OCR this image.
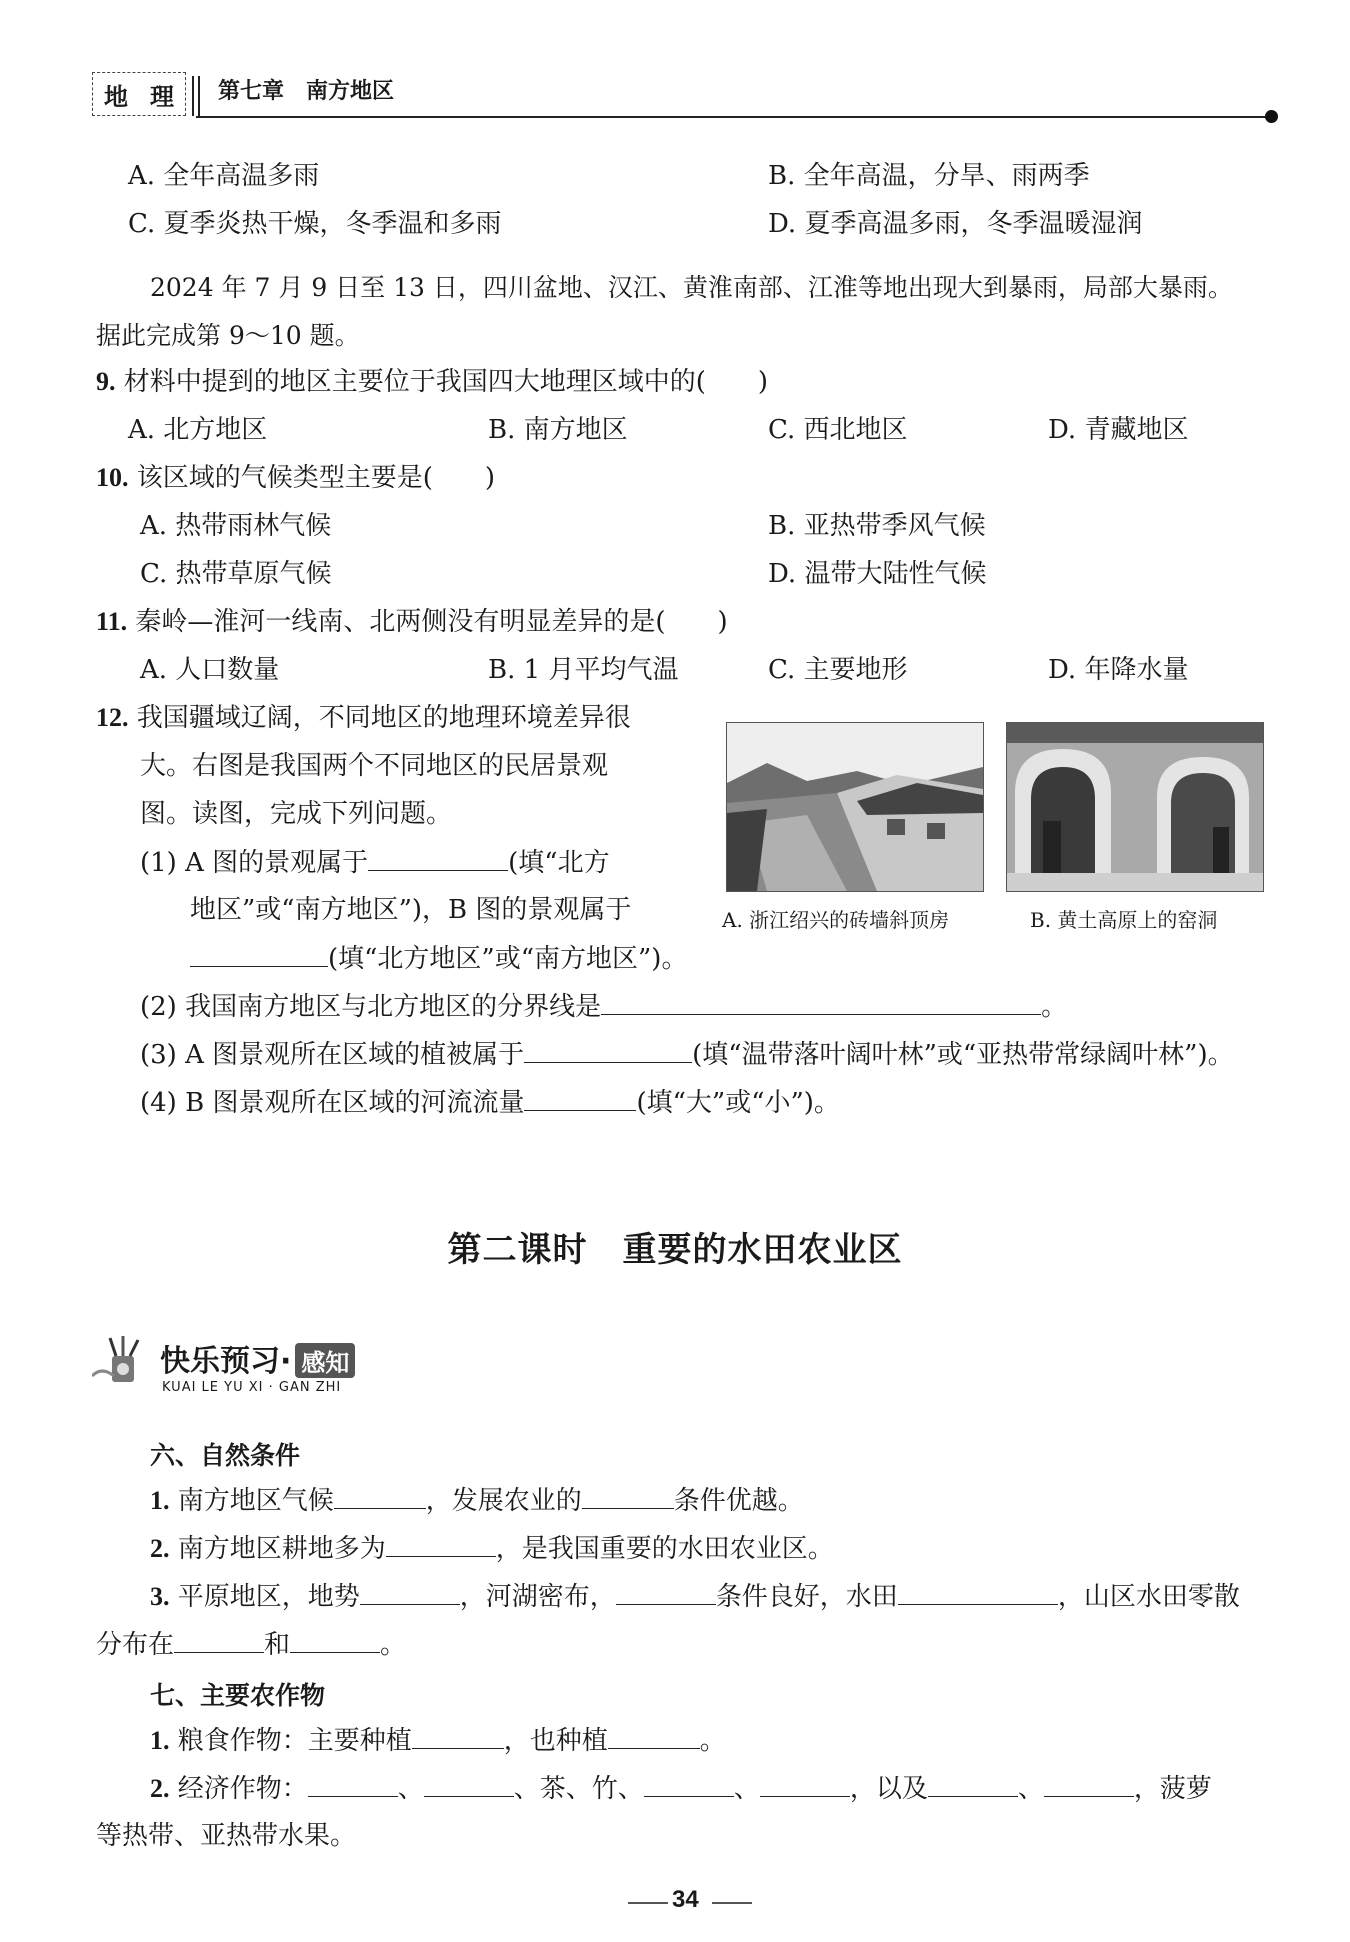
地 理 第七章　南方地区
A. 全年高温多雨	B. 全年高温，分旱、雨两季
C. 夏季炎热干燥，冬季温和多雨	D. 夏季高温多雨，冬季温暖湿润
2024 年 7 月 9 日至 13 日，四川盆地、汉江、黄淮南部、江淮等地出现大到暴雨，局部大暴雨。
据此完成第 9～10 题。
9. 材料中提到的地区主要位于我国四大地理区域中的(　　)
A. 北方地区	B. 南方地区	C. 西北地区	D. 青藏地区
10. 该区域的气候类型主要是(　　)
A. 热带雨林气候	B. 亚热带季风气候
C. 热带草原气候	D. 温带大陆性气候
11. 秦岭—淮河一线南、北两侧没有明显差异的是(　　)
A. 人口数量	B. 1 月平均气温	C. 主要地形	D. 年降水量
12. 我国疆域辽阔，不同地区的地理环境差异很
大。右图是我国两个不同地区的民居景观
图。读图，完成下列问题。
(1) A 图的景观属于	(填“北方
地区”或“南方地区”)，B 图的景观属于
(填“北方地区”或“南方地区”)。
(2) 我国南方地区与北方地区的分界线是	。
(3) A 图景观所在区域的植被属于	(填“温带落叶阔叶林”或“亚热带常绿阔叶林”)。
(4) B 图景观所在区域的河流流量	(填“大”或“小”)。
A. 浙江绍兴的砖墙斜顶房	B. 黄土高原上的窑洞
第二课时　重要的水田农业区
快乐预习· 感知
KUAI LE YU XI · GAN ZHI
六、自然条件
1. 南方地区气候	，发展农业的	条件优越。
2. 南方地区耕地多为	，是我国重要的水田农业区。
3. 平原地区，地势	，河湖密布，	条件良好，水田	，山区水田零散
分布在	和	。
七、主要农作物
1. 粮食作物：主要种植	，也种植	。
2. 经济作物：	、	、茶、竹、	、	，以及	、	，菠萝
等热带、亚热带水果。
34
